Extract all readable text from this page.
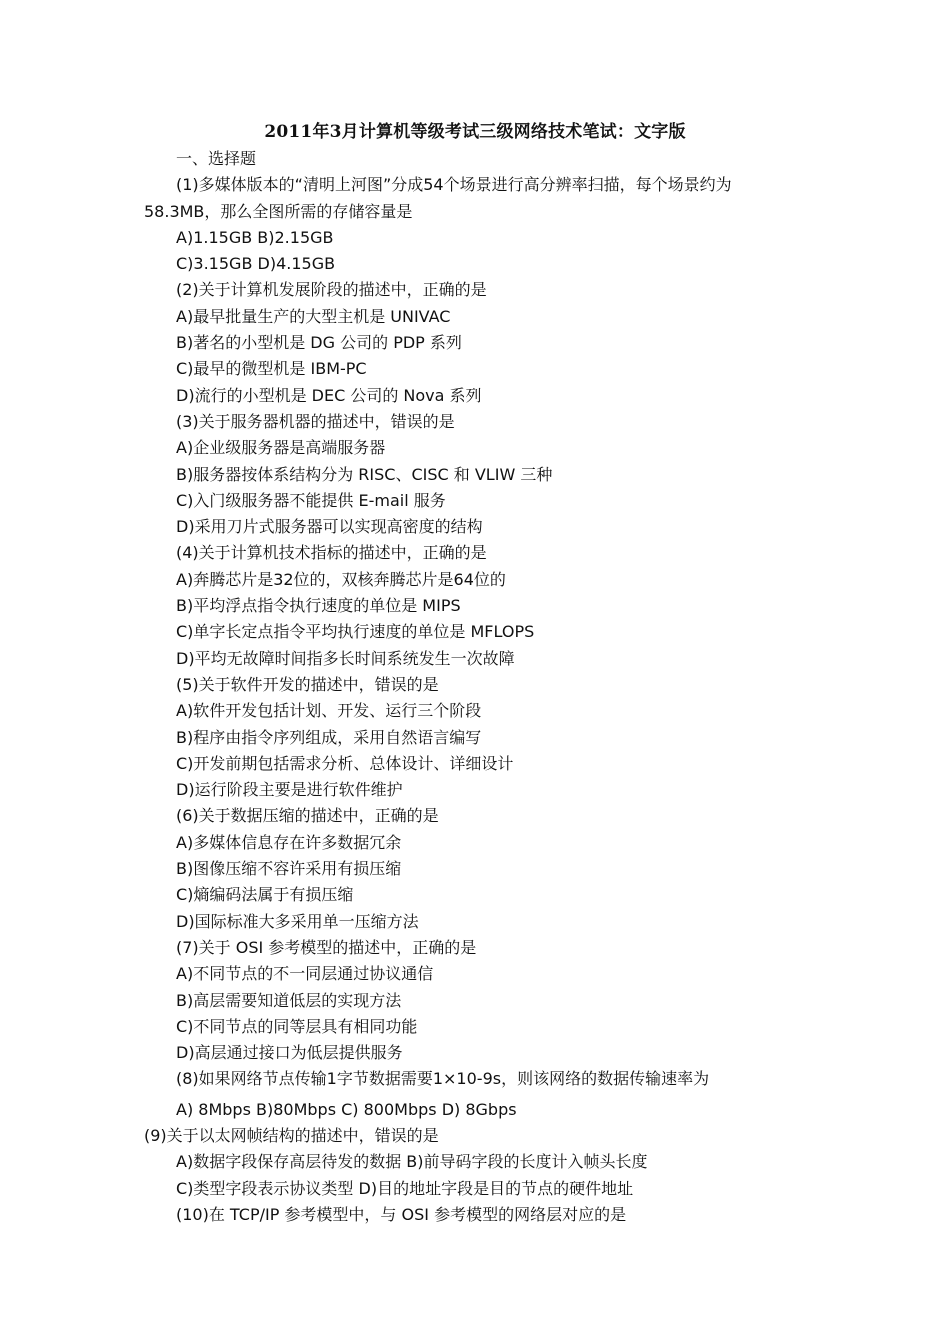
2011年3月计算机等级考试三级网络技术笔试：文字版
一、选择题
(1)多媒体版本的“清明上河图”分成54个场景进行高分辨率扫描，每个场景约为
58.3MB，那么全图所需的存储容量是
A)1.15GB B)2.15GB
C)3.15GB D)4.15GB
(2)关于计算机发展阶段的描述中，正确的是
A)最早批量生产的大型主机是 UNIVAC
B)著名的小型机是 DG 公司的 PDP 系列
C)最早的微型机是 IBM-PC
D)流行的小型机是 DEC 公司的 Nova 系列
(3)关于服务器机器的描述中，错误的是
A)企业级服务器是高端服务器
B)服务器按体系结构分为 RISC、CISC 和 VLIW 三种
C)入门级服务器不能提供 E-mail 服务
D)采用刀片式服务器可以实现高密度的结构
(4)关于计算机技术指标的描述中，正确的是
A)奔腾芯片是32位的，双核奔腾芯片是64位的
B)平均浮点指令执行速度的单位是 MIPS
C)单字长定点指令平均执行速度的单位是 MFLOPS
D)平均无故障时间指多长时间系统发生一次故障
(5)关于软件开发的描述中，错误的是
A)软件开发包括计划、开发、运行三个阶段
B)程序由指令序列组成，采用自然语言编写
C)开发前期包括需求分析、总体设计、详细设计
D)运行阶段主要是进行软件维护
(6)关于数据压缩的描述中，正确的是
A)多媒体信息存在许多数据冗余
B)图像压缩不容许采用有损压缩
C)熵编码法属于有损压缩
D)国际标准大多采用单一压缩方法
(7)关于 OSI 参考模型的描述中，正确的是
A)不同节点的不一同层通过协议通信
B)高层需要知道低层的实现方法
C)不同节点的同等层具有相同功能
D)高层通过接口为低层提供服务
(8)如果网络节点传输1字节数据需要1×10-9s，则该网络的数据传输速率为
A) 8Mbps B)80Mbps C) 800Mbps D) 8Gbps
(9)关于以太网帧结构的描述中，错误的是
A)数据字段保存高层待发的数据 B)前导码字段的长度计入帧头长度
C)类型字段表示协议类型 D)目的地址字段是目的节点的硬件地址
(10)在 TCP/IP 参考模型中，与 OSI 参考模型的网络层对应的是
